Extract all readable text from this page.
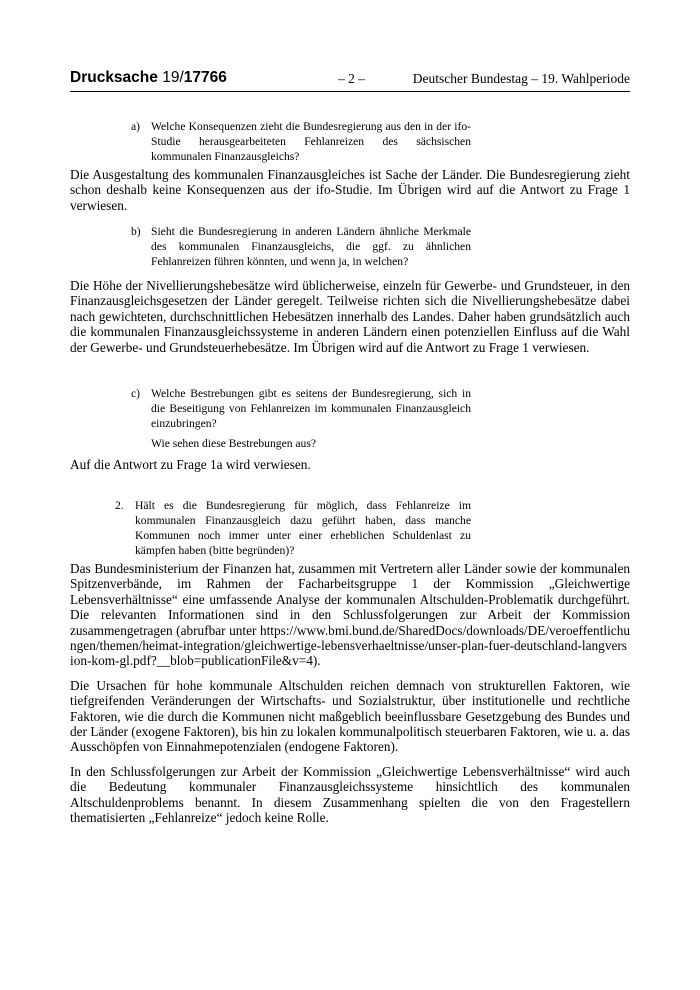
Drucksache 19/17766	– 2 –	Deutscher Bundestag – 19. Wahlperiode
a) Welche Konsequenzen zieht die Bundesregierung aus den in der ifo-Studie herausgearbeiteten Fehlanreizen des sächsischen kommunalen Finanzausgleichs?

Die Ausgestaltung des kommunalen Finanzausgleiches ist Sache der Länder. Die Bundesregierung zieht schon deshalb keine Konsequenzen aus der ifo-Studie. Im Übrigen wird auf die Antwort zu Frage 1 verwiesen.

b) Sieht die Bundesregierung in anderen Ländern ähnliche Merkmale des kommunalen Finanzausgleichs, die ggf. zu ähnlichen Fehlanreizen führen könnten, und wenn ja, in welchen?

Die Höhe der Nivellierungshebesätze wird üblicherweise, einzeln für Gewerbe- und Grundsteuer, in den Finanzausgleichsgesetzen der Länder geregelt. Teilweise richten sich die Nivellierungshebesätze dabei nach gewichteten, durchschnittlichen Hebesätzen innerhalb des Landes. Daher haben grundsätzlich auch die kommunalen Finanzausgleichssysteme in anderen Ländern einen potenziellen Einfluss auf die Wahl der Gewerbe- und Grundsteuerhebesätze. Im Übrigen wird auf die Antwort zu Frage 1 verwiesen.

c) Welche Bestrebungen gibt es seitens der Bundesregierung, sich in die Beseitigung von Fehlanreizen im kommunalen Finanzausgleich einzubringen?

Wie sehen diese Bestrebungen aus?

Auf die Antwort zu Frage 1a wird verwiesen.

2. Hält es die Bundesregierung für möglich, dass Fehlanreize im kommunalen Finanzausgleich dazu geführt haben, dass manche Kommunen noch immer unter einer erheblichen Schuldenlast zu kämpfen haben (bitte begründen)?

Das Bundesministerium der Finanzen hat, zusammen mit Vertretern aller Länder sowie der kommunalen Spitzenverbände, im Rahmen der Facharbeitsgruppe 1 der Kommission „Gleichwertige Lebensverhältnisse“ eine umfassende Analyse der kommunalen Altschulden-Problematik durchgeführt. Die relevanten Informationen sind in den Schlussfolgerungen zur Arbeit der Kommission zusammengetragen (abrufbar unter https://www.bmi.bund.de/SharedDocs/downloads/DE/veroeffentlichungen/themen/heimat-integration/gleichwertige-lebensverhaeltnisse/unser-plan-fuer-deutschland-langversion-kom-gl.pdf?__blob=publicationFile&v=4).

Die Ursachen für hohe kommunale Altschulden reichen demnach von strukturellen Faktoren, wie tiefgreifenden Veränderungen der Wirtschafts- und Sozialstruktur, über institutionelle und rechtliche Faktoren, wie die durch die Kommunen nicht maßgeblich beeinflussbare Gesetzgebung des Bundes und der Länder (exogene Faktoren), bis hin zu lokalen kommunalpolitisch steuerbaren Faktoren, wie u. a. das Ausschöpfen von Einnahmepotenzialen (endogene Faktoren).

In den Schlussfolgerungen zur Arbeit der Kommission „Gleichwertige Lebensverhältnisse“ wird auch die Bedeutung kommunaler Finanzausgleichssysteme hinsichtlich des kommunalen Altschuldenproblems benannt. In diesem Zusammenhang spielten die von den Fragestellern thematisierten „Fehlanreize“ jedoch keine Rolle.
